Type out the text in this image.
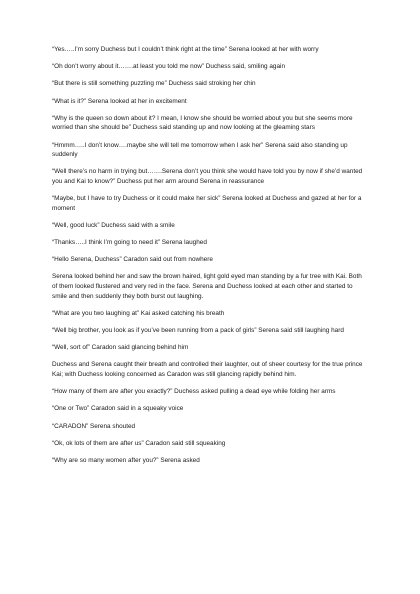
“Yes…..I’m sorry Duchess but I couldn’t think right at the time” Serena looked at her with worry

“Oh don’t worry about it…….at least you told me now” Duchess said, smiling again

“But there is still something puzzling me” Duchess said stroking her chin

“What is it?” Serena looked at her in excitement

“Why is the queen so down about it? I mean, I know she should be worried about you but she seems more worried than she should be” Duchess said standing up and now looking at the gleaming stars

“Hmmm…..I don’t know….maybe she will tell me tomorrow when I ask her” Serena said also standing up suddenly

“Well there’s no harm in trying but…….Serena don’t you think she would have told you by now if she’d wanted you and Kai to know?” Duchess put her arm around Serena in reassurance

“Maybe, but I have to try Duchess or it could make her sick” Serena looked at Duchess and gazed at her for a moment

“Well, good luck” Duchess said with a smile

“Thanks…..I think I’m going to need it” Serena laughed

“Hello Serena, Duchess” Caradon said out from nowhere

Serena looked behind her and saw the brown haired, light gold eyed man standing by a fur tree with Kai. Both of them looked flustered and very red in the face. Serena and Duchess looked at each other and started to smile and then suddenly they both burst out laughing.

“What are you two laughing at” Kai asked catching his breath

“Well big brother, you look as if you’ve been running from a pack of girls” Serena said still laughing hard

“Well, sort of” Caradon said glancing behind him

Duchess and Serena caught their breath and controlled their laughter, out of sheer courtesy for the true prince Kai; with Duchess looking concerned as Caradon was still glancing rapidly behind him.

“How many of them are after you exactly?” Duchess asked pulling a dead eye while folding her arms

“One or Two” Caradon said in a squeaky voice

“CARADON” Serena shouted

“Ok, ok lots of them are after us” Caradon said still squeaking

“Why are so many women after you?” Serena asked
